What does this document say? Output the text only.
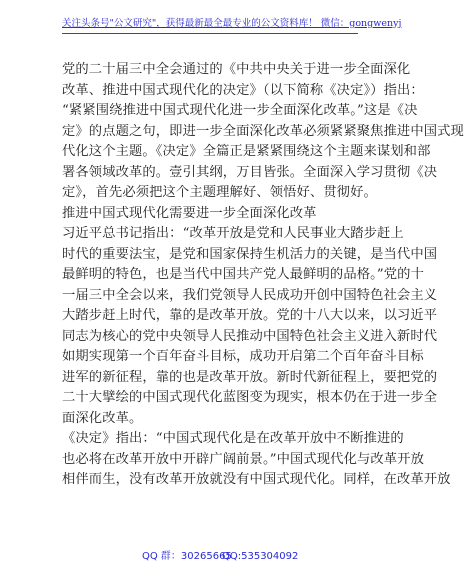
关注头条号"公文研究"，获得最新最全最专业的公文资料库！ 微信：gongwenyj
党的二十届三中全会通过的《中共中央关于进一步全面深化
改革、推进中国式现代化的决定》（以下简称《决定》）指出：
“紧紧围绕推进中国式现代化进一步全面深化改革。”这是《决
定》的点题之句，即进一步全面深化改革必须紧紧聚焦推进中国式现
代化这个主题。《决定》全篇正是紧紧围绕这个主题来谋划和部
署各领域改革的。壹引其纲，万目皆张。全面深入学习贯彻《决
定》，首先必须把这个主题理解好、领悟好、贯彻好。
推进中国式现代化需要进一步全面深化改革
习近平总书记指出：“改革开放是党和人民事业大踏步赶上
时代的重要法宝，是党和国家保持生机活力的关键，是当代中国
最鲜明的特色，也是当代中国共产党人最鲜明的品格。”党的十
一届三中全会以来，我们党领导人民成功开创中国特色社会主义
大踏步赶上时代，靠的是改革开放。党的十八大以来，以习近平
同志为核心的党中央领导人民推动中国特色社会主义进入新时代
如期实现第一个百年奋斗目标，成功开启第二个百年奋斗目标
进军的新征程，靠的也是改革开放。新时代新征程上，要把党的
二十大擘绘的中国式现代化蓝图变为现实，根本仍在于进一步全
面深化改革。
《决定》指出：“中国式现代化是在改革开放中不断推进的
也必将在改革开放中开辟广阔前景。”中国式现代化与改革开放
相伴而生，没有改革开放就没有中国式现代化。同样，在改革开放
QQ 群：30265665
QQ:535304092
